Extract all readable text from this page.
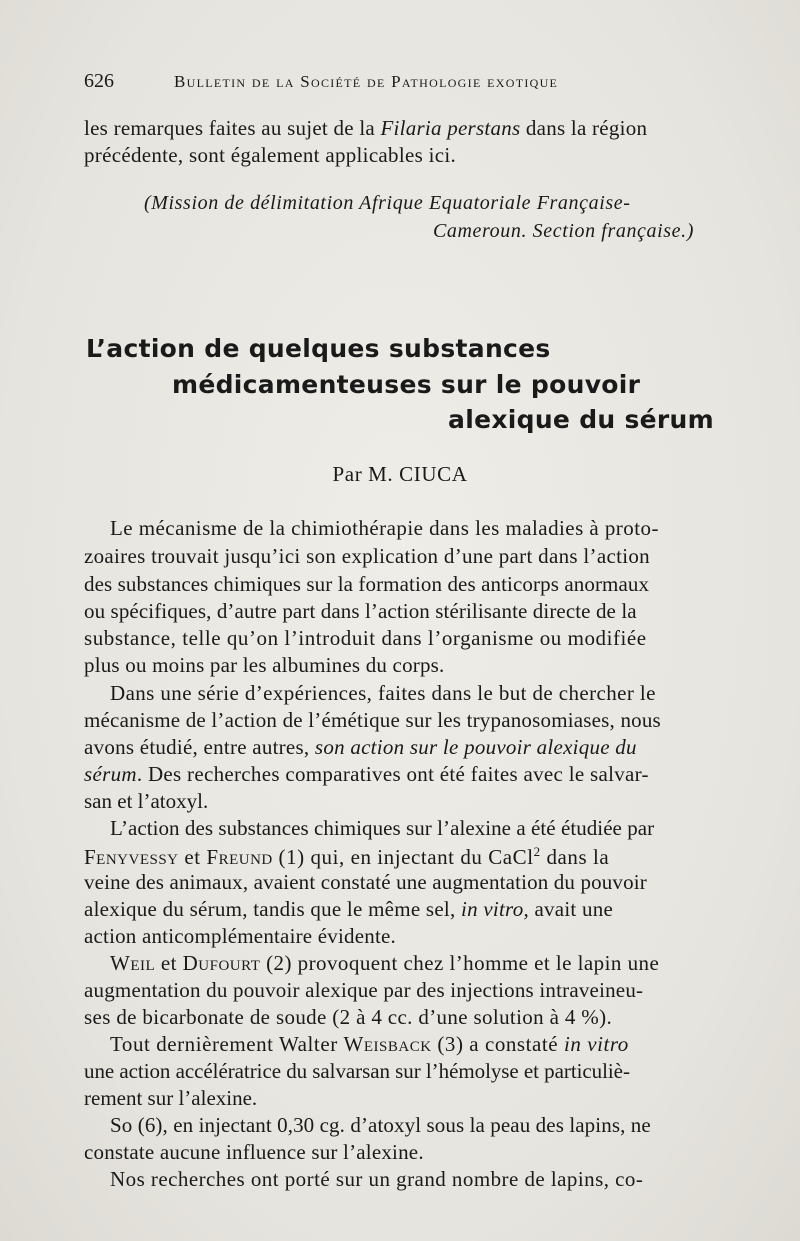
626	Bulletin de la Société de Pathologie exotique
les remarques faites au sujet de la Filaria perstans dans la région
précédente, sont également applicables ici.
(Mission de délimitation Afrique Equatoriale Française-
Cameroun. Section française.)
L’action de quelques substances
médicamenteuses sur le pouvoir
alexique du sérum
Par M. CIUCA
Le mécanisme de la chimiothérapie dans les maladies à proto-
zoaires trouvait jusqu’ici son explication d’une part dans l’action
des substances chimiques sur la formation des anticorps anormaux
ou spécifiques, d’autre part dans l’action stérilisante directe de la
substance, telle qu’on l’introduit dans l’organisme ou modifiée
plus ou moins par les albumines du corps.
Dans une série d’expériences, faites dans le but de chercher le
mécanisme de l’action de l’émétique sur les trypanosomiases, nous
avons étudié, entre autres, son action sur le pouvoir alexique du
sérum. Des recherches comparatives ont été faites avec le salvar-
san et l’atoxyl.
L’action des substances chimiques sur l’alexine a été étudiée par
Fenyvessy et Freund (1) qui, en injectant du CaCl$^2$ dans la
veine des animaux, avaient constaté une augmentation du pouvoir
alexique du sérum, tandis que le même sel, in vitro, avait une
action anticomplémentaire évidente.
Weil et Dufourt (2) provoquent chez l’homme et le lapin une
augmentation du pouvoir alexique par des injections intraveineu-
ses de bicarbonate de soude (2 à 4 cc. d’une solution à 4 %).
Tout dernièrement Walter Weisback (3) a constaté in vitro
une action accélératrice du salvarsan sur l’hémolyse et particuliè-
rement sur l’alexine.
So (6), en injectant 0,30 cg. d’atoxyl sous la peau des lapins, ne
constate aucune influence sur l’alexine.
Nos recherches ont porté sur un grand nombre de lapins, co-
